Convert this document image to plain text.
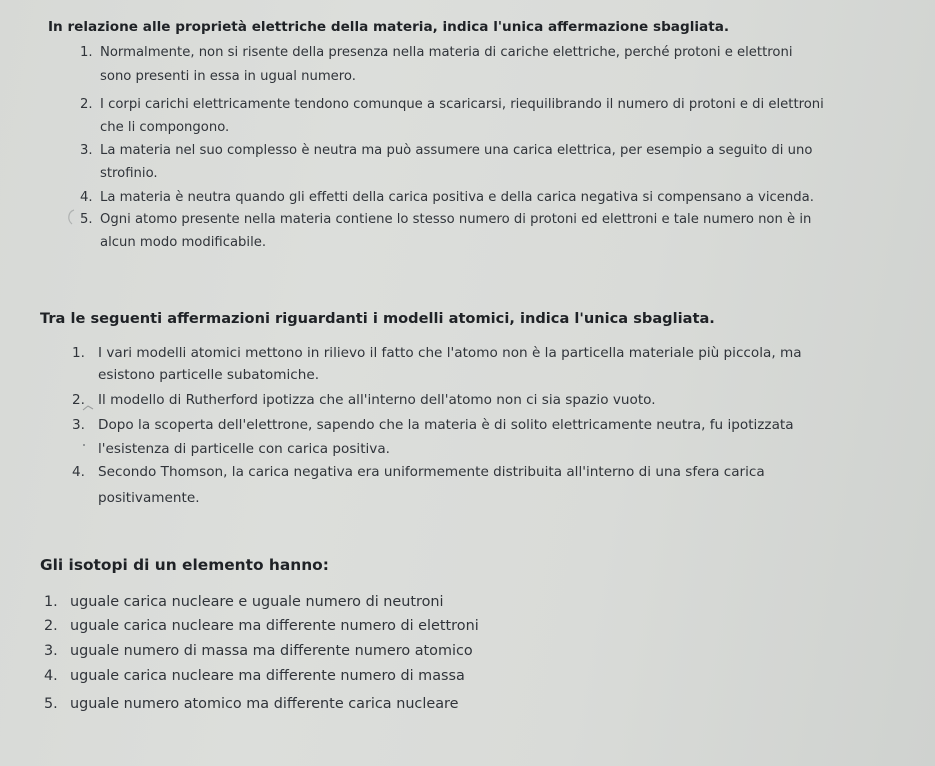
In relazione alle proprietà elettriche della materia, indica l'unica affermazione sbagliata.
1. Normalmente, non si risente della presenza nella materia di cariche elettriche, perché protoni e elettroni
sono presenti in essa in ugual numero.
2. I corpi carichi elettricamente tendono comunque a scaricarsi, riequilibrando il numero di protoni e di elettroni
che li compongono.
3. La materia nel suo complesso è neutra ma può assumere una carica elettrica, per esempio a seguito di uno
strofinio.
4. La materia è neutra quando gli effetti della carica positiva e della carica negativa si compensano a vicenda.
5. Ogni atomo presente nella materia contiene lo stesso numero di protoni ed elettroni e tale numero non è in
alcun modo modificabile.
Tra le seguenti affermazioni riguardanti i modelli atomici, indica l'unica sbagliata.
1. I vari modelli atomici mettono in rilievo il fatto che l'atomo non è la particella materiale più piccola, ma
esistono particelle subatomiche.
2. Il modello di Rutherford ipotizza che all'interno dell'atomo non ci sia spazio vuoto.
3. Dopo la scoperta dell'elettrone, sapendo che la materia è di solito elettricamente neutra, fu ipotizzata
l'esistenza di particelle con carica positiva.
4. Secondo Thomson, la carica negativa era uniformemente distribuita all'interno di una sfera carica
positivamente.
Gli isotopi di un elemento hanno:
1. uguale carica nucleare e uguale numero di neutroni
2. uguale carica nucleare ma differente numero di elettroni
3. uguale numero di massa ma differente numero atomico
4. uguale carica nucleare ma differente numero di massa
5. uguale numero atomico ma differente carica nucleare
